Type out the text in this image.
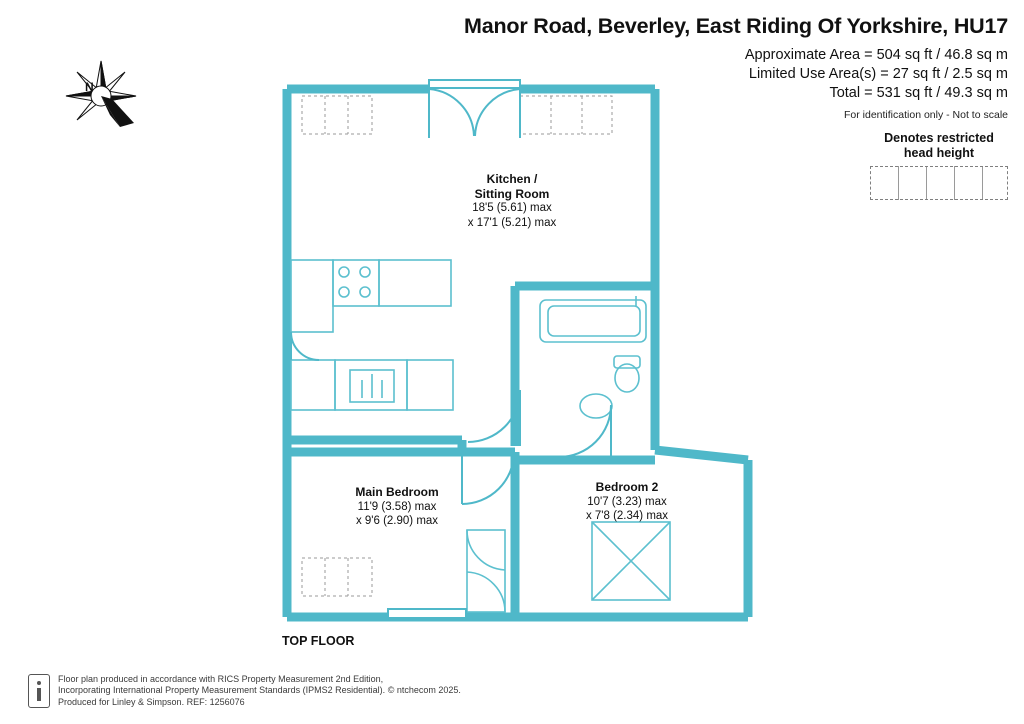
Manor Road, Beverley, East Riding Of Yorkshire, HU17
Approximate Area = 504 sq ft / 46.8 sq m
Limited Use Area(s) = 27 sq ft / 2.5 sq m
Total = 531 sq ft / 49.3 sq m
For identification only - Not to scale
Denotes restricted
head height
N
Kitchen /
Sitting Room
18'5 (5.61) max
x 17'1 (5.21) max
Main Bedroom
11'9 (3.58) max
x 9'6 (2.90) max
Bedroom 2
10'7 (3.23) max
x 7'8 (2.34) max
TOP FLOOR
Floor plan produced in accordance with RICS Property Measurement 2nd Edition,
Incorporating International Property Measurement Standards (IPMS2 Residential). © ntchecom 2025.
Produced for Linley & Simpson. REF: 1256076
